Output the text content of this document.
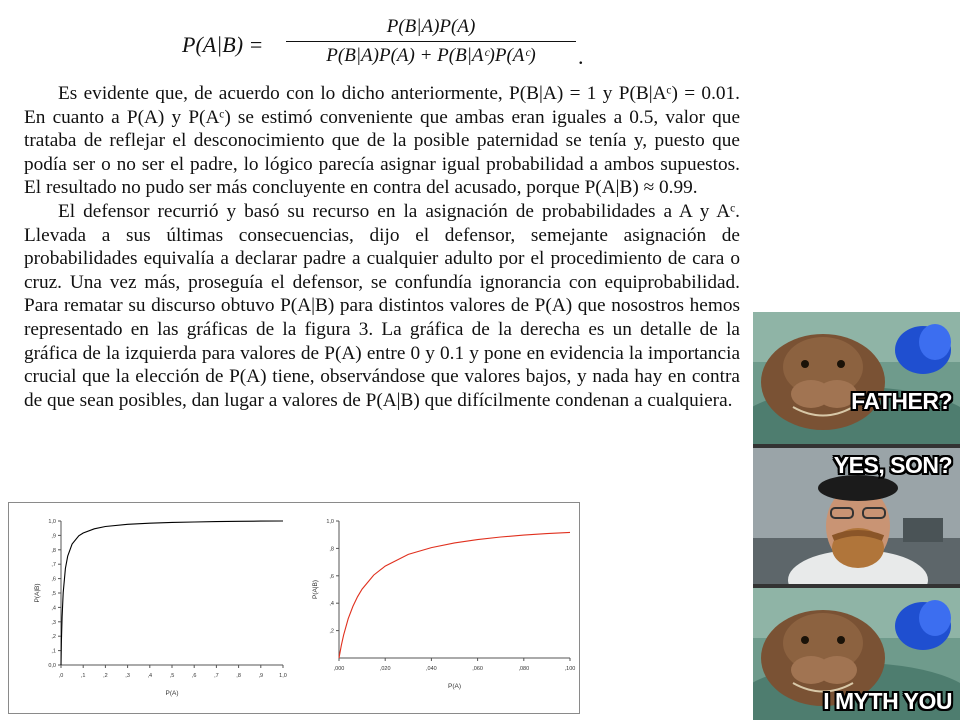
P(A|B) =
P(B|A)P(A)
P(B|A)P(A) + P(B|Aᶜ)P(Aᶜ)	.

Es evidente que, de acuerdo con lo dicho anteriormente, P(B|A) = 1 y P(B|Aᶜ) = 0.01. En cuanto a P(A) y P(Aᶜ) se estimó conveniente que ambas eran iguales a 0.5, valor que trataba de reflejar el desconocimiento que de la posible paternidad se tenía y, puesto que podía ser o no ser el padre, lo lógico parecía asignar igual probabilidad a ambos supuestos. El resultado no pudo ser más concluyente en contra del acusado, porque P(A|B) ≈ 0.99.

El defensor recurrió y basó su recurso en la asignación de probabilidades a A y Aᶜ. Llevada a sus últimas consecuencias, dijo el defensor, semejante asignación de probabilidades equivalía a declarar padre a cualquier adulto por el procedimiento de cara o cruz. Una vez más, proseguía el defensor, se confundía ignorancia con equiprobabilidad. Para rematar su discurso obtuvo P(A|B) para distintos valores de P(A) que nosostros hemos representado en las gráficas de la figura 3. La gráfica de la derecha es un detalle de la gráfica de la izquierda para valores de P(A) entre 0 y 0.1 y pone en evidencia la importancia crucial que la elección de P(A) tiene, observándose que valores bajos, y nada hay en contra de que sean posibles, dan lugar a valores de P(A|B) que difícilmente condenan a cualquiera.

,0	,1	,2	,3	,4	,5	,6	,7	,8	,9	1,0
0,0
,1
,2
,3
,4
,5
,6
,7
,8
,9
1,0
P(A)
P(A|B)
,000	,020	,040	,060	,080	,100
,2
,4
,6
,8
1,0
P(A)
P(A|B)
FATHER?
YES, SON?
I MYTH YOU
